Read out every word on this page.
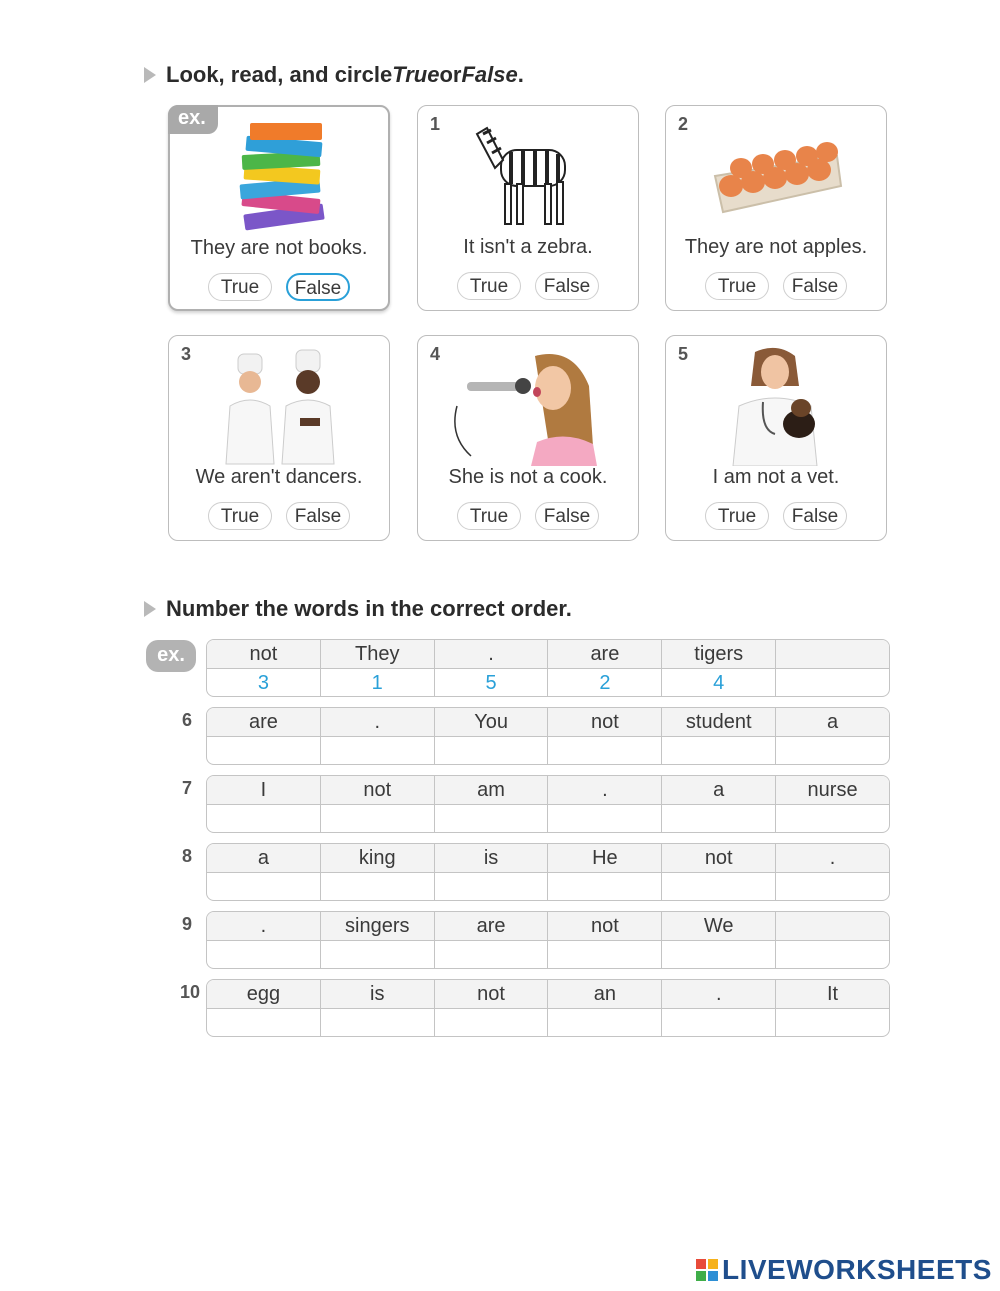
Look, read, and circle True or False .
ex.
They are not books.
True	False
1
It isn't a zebra.
True	False
2
They are not apples.
True	False
3
We aren't dancers.
True	False
4
She is not a cook.
True	False
5
I am not a vet.
True	False
Number the words in the correct order.
ex.	not	They	.	are	tigers
3	1	5	2	4
6	are	.	You	not	student	a
7	I	not	am	.	a	nurse
8	a	king	is	He	not	.
9	.	singers	are	not	We
10	egg	is	not	an	.	It
LIVEWORKSHEETS
